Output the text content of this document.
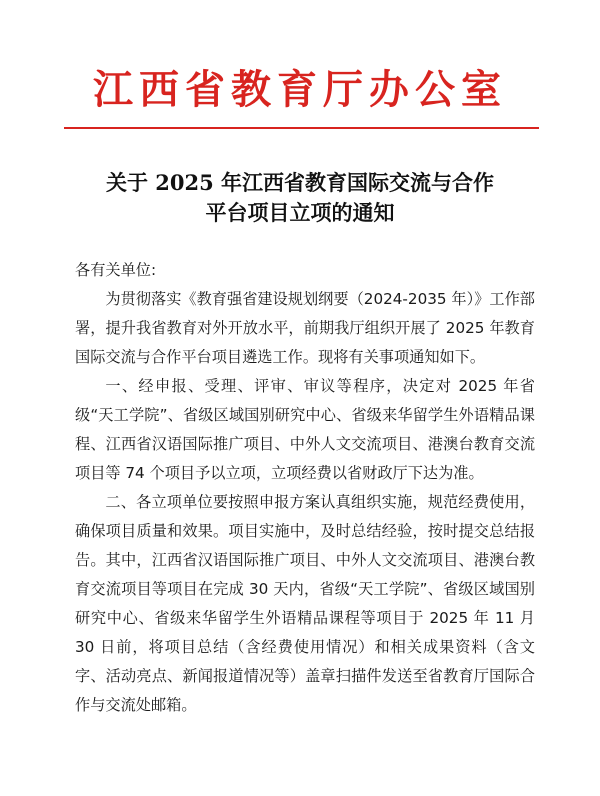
江西省教育厅办公室
关于 2025 年江西省教育国际交流与合作
平台项目立项的通知

各有关单位:

为贯彻落实《教育强省建设规划纲要（2024-2035 年）》工作部署，提升我省教育对外开放水平，前期我厅组织开展了 2025 年教育国际交流与合作平台项目遴选工作。现将有关事项通知如下。

一、经申报、受理、评审、审议等程序，决定对 2025 年省级“天工学院”、省级区域国别研究中心、省级来华留学生外语精品课程、江西省汉语国际推广项目、中外人文交流项目、港澳台教育交流项目等 74 个项目予以立项，立项经费以省财政厅下达为准。

二、各立项单位要按照申报方案认真组织实施，规范经费使用，确保项目质量和效果。项目实施中，及时总结经验，按时提交总结报告。其中，江西省汉语国际推广项目、中外人文交流项目、港澳台教育交流项目等项目在完成 30 天内，省级“天工学院”、省级区域国别研究中心、省级来华留学生外语精品课程等项目于 2025 年 11 月 30 日前，将项目总结（含经费使用情况）和相关成果资料（含文字、活动亮点、新闻报道情况等）盖章扫描件发送至省教育厅国际合作与交流处邮箱。
